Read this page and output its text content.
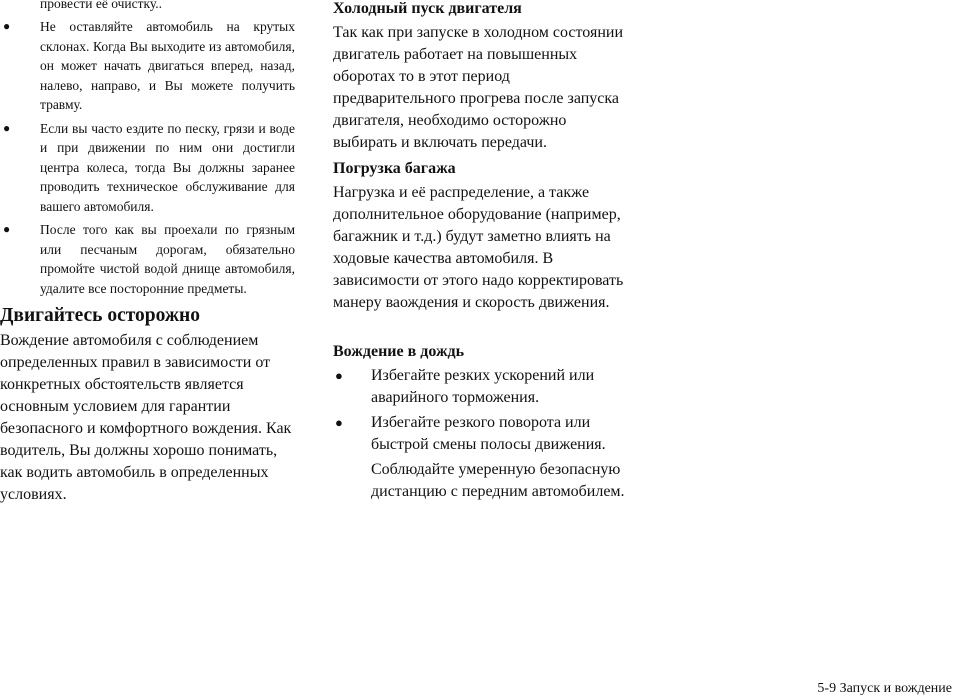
провести её очистку..

● Не оставляйте автомобиль на крутых склонах. Когда Вы выходите из автомобиля, он может начать двигаться вперед, назад, налево, направо, и Вы можете получить травму.
● Если вы часто ездите по песку, грязи и воде и при движении по ним они достигли центра колеса, тогда Вы должны заранее проводить техническое обслуживание для вашего автомобиля.
● После того как вы проехали по грязным или песчаным дорогам, обязательно промойте чистой водой днище автомобиля, удалите все посторонние предметы.
Двигайтесь осторожно

Вождение автомобиля с соблюдением определенных правил в зависимости от конкретных обстоятельств является основным условием для гарантии безопасного и комфортного вождения. Как водитель, Вы должны хорошо понимать, как водить автомобиль в определенных условиях.

Холодный пуск двигателя

Так как при запуске в холодном состоянии двигатель работает на повышенных оборотах то в этот период предварительного прогрева после запуска двигателя, необходимо осторожно выбирать и включать передачи.

Погрузка багажа

Нагрузка и её распределение, а также дополнительное оборудование (например, багажник и т.д.) будут заметно влиять на ходовые качества автомобиля. В зависимости от этого надо корректировать манеру ваождения и скорость движения.

Вождение в дождь
● Избегайте резких ускорений или аварийного торможения.
● Избегайте резкого поворота или быстрой смены полосы движения.

Соблюдайте умеренную безопасную дистанцию с передним автомобилем.

5-9 Запуск и вождение
